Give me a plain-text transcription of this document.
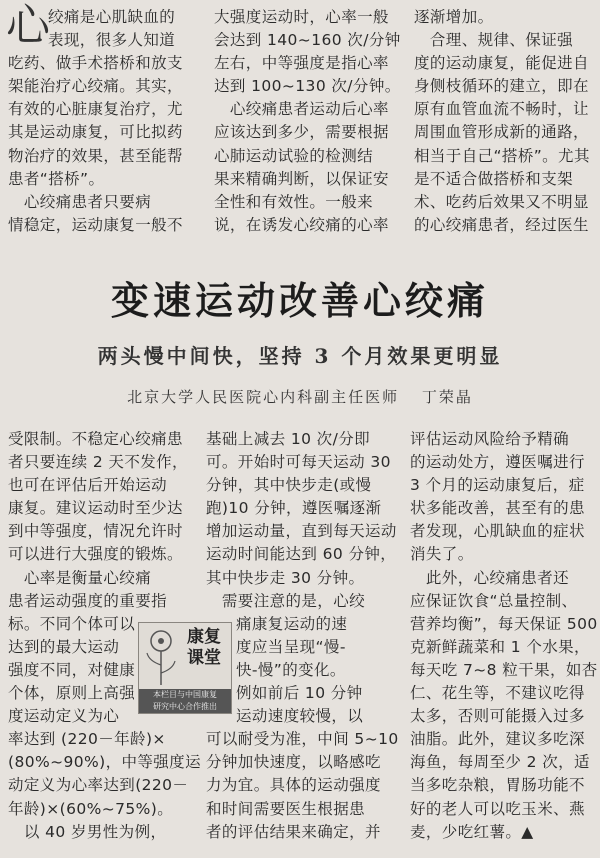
心
绞痛是心肌缺血的
表现，很多人知道
吃药、做手术搭桥和放支
架能治疗心绞痛。其实，
有效的心脏康复治疗，尤
其是运动康复，可比拟药
物治疗的效果，甚至能帮
患者“搭桥”。
　心绞痛患者只要病
情稳定，运动康复一般不
大强度运动时，心率一般
会达到 140~160 次/分钟
左右，中等强度是指心率
达到 100~130 次/分钟。
　心绞痛患者运动后心率
应该达到多少，需要根据
心肺运动试验的检测结
果来精确判断，以保证安
全性和有效性。一般来
说，在诱发心绞痛的心率
逐渐增加。
　合理、规律、保证强
度的运动康复，能促进自
身侧枝循环的建立，即在
原有血管血流不畅时，让
周围血管形成新的通路，
相当于自己“搭桥”。尤其
是不适合做搭桥和支架
术、吃药后效果又不明显
的心绞痛患者，经过医生
变速运动改善心绞痛
两头慢中间快，坚持 3 个月效果更明显
北京大学人民医院心内科副主任医师 丁荣晶
受限制。不稳定心绞痛患
者只要连续 2 天不发作，
也可在评估后开始运动
康复。建议运动时至少达
到中等强度，情况允许时
可以进行大强度的锻炼。
　心率是衡量心绞痛
患者运动强度的重要指
标。不同个体可以
达到的最大运动
强度不同，对健康
个体，原则上高强
度运动定义为心
率达到 (220－年龄)×
(80%~90%)，中等强度运
动定义为心率达到(220－
年龄)×(60%~75%)。
　以 40 岁男性为例，
基础上减去 10 次/分即
可。开始时可每天运动 30
分钟，其中快步走(或慢
跑)10 分钟，遵医嘱逐渐
增加运动量，直到每天运动
运动时间能达到 60 分钟，
其中快步走 30 分钟。
　需要注意的是，心绞
痛康复运动的速
度应当呈现“慢-
快-慢”的变化。
例如前后 10 分钟
运动速度较慢，以
可以耐受为准，中间 5~10
分钟加快速度，以略感吃
力为宜。具体的运动强度
和时间需要医生根据患
者的评估结果来确定，并
评估运动风险给予精确
的运动处方，遵医嘱进行
3 个月的运动康复后，症
状多能改善，甚至有的患
者发现，心肌缺血的症状
消失了。
　此外，心绞痛患者还
应保证饮食“总量控制、
营养均衡”，每天保证 500
克新鲜蔬菜和 1 个水果，
每天吃 7~8 粒干果，如杏
仁、花生等，不建议吃得
太多，否则可能摄入过多
油脂。此外，建议多吃深
海鱼，每周至少 2 次，适
当多吃杂粮，胃肠功能不
好的老人可以吃玉米、燕
麦，少吃红薯。▲
康复课堂
本栏目与中国康复
研究中心合作推出
